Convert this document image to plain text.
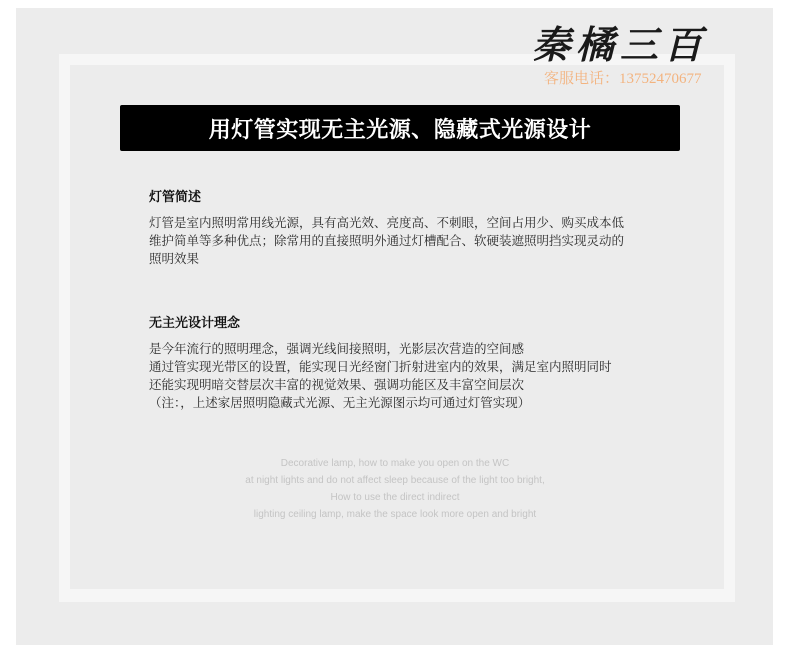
秦橘三百
客服电话：13752470677
用灯管实现无主光源、隐藏式光源设计
灯管简述
灯管是室内照明常用线光源，具有高光效、亮度高、不刺眼，空间占用少、购买成本低
维护简单等多种优点；除常用的直接照明外通过灯槽配合、软硬装遮照明挡实现灵动的
照明效果
无主光设计理念
是今年流行的照明理念，强调光线间接照明，光影层次营造的空间感
通过管实现光带区的设置，能实现日光经窗门折射进室内的效果，满足室内照明同时
还能实现明暗交替层次丰富的视觉效果、强调功能区及丰富空间层次
（注：，上述家居照明隐藏式光源、无主光源图示均可通过灯管实现）
Decorative lamp, how to make you open on the WC
at night lights and do not affect sleep because of the light too bright,
How to use the direct indirect
lighting ceiling lamp, make the space look more open and bright
